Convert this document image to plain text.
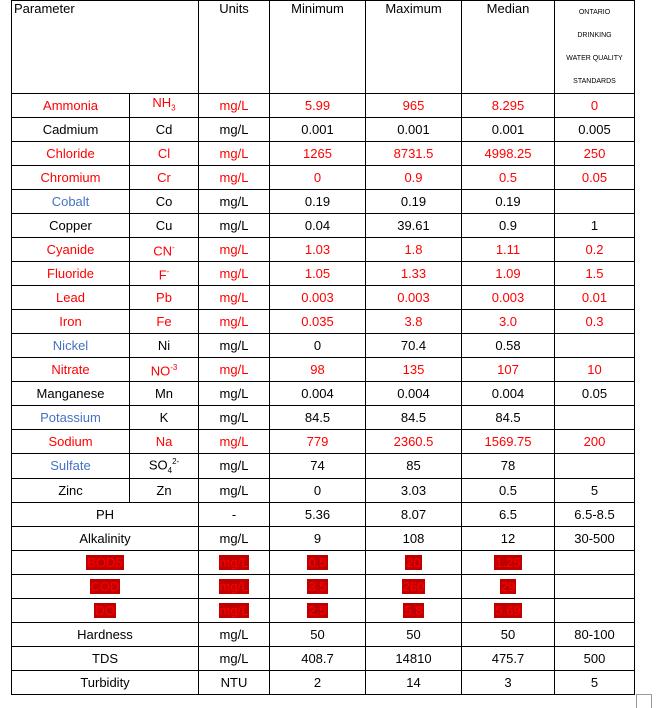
Parameter		Units	Minimum	Maximum	Median	ONTARIO
DRINKING
WATER QUALITY
STANDARDS

Ammonia	$NH_3$	mg/L	5.99	965	8.295	0
Cadmium	Cd	mg/L	0.001	0.001	0.001	0.005
Chloride	Cl	mg/L	1265	8731.5	4998.25	250
Chromium	Cr	mg/L	0	0.9	0.5	0.05
Cobalt	Co	mg/L	0.19	0.19	0.19	
Copper	Cu	mg/L	0.04	39.61	0.9	1
Cyanide	CN-	mg/L	1.03	1.8	1.11	0.2
Fluoride	F-	mg/L	1.05	1.33	1.09	1.5
Lead	Pb	mg/L	0.003	0.003	0.003	0.01
Iron	Fe	mg/L	0.035	3.8	3.0	0.3
Nickel	Ni	mg/L	0	70.4	0.58	
Nitrate	$NO^{-3}$	mg/L	98	135	107	10
Manganese	Mn	mg/L	0.004	0.004	0.004	0.05
Potassium	K	mg/L	84.5	84.5	84.5	
Sodium	Na	mg/L	779	2360.5	1569.75	200
Sulfate	$SO_4^{2-}$	mg/L	74	85	78	
Zinc	Zn	mg/L	0	3.03	0.5	5
PH		-	5.36	8.07	6.5	6.5-8.5
Alkalinity		mg/L	9	108	12	30-500
BOD5		mg/L	0.5	20	1.25	
COD		mg/L	3.5	260	29	
DO		mg/L	2.5	5.8	5.69	
Hardness		mg/L	50	50	50	80-100
TDS		mg/L	408.7	14810	475.7	500
Turbidity		NTU	2	14	3	5
